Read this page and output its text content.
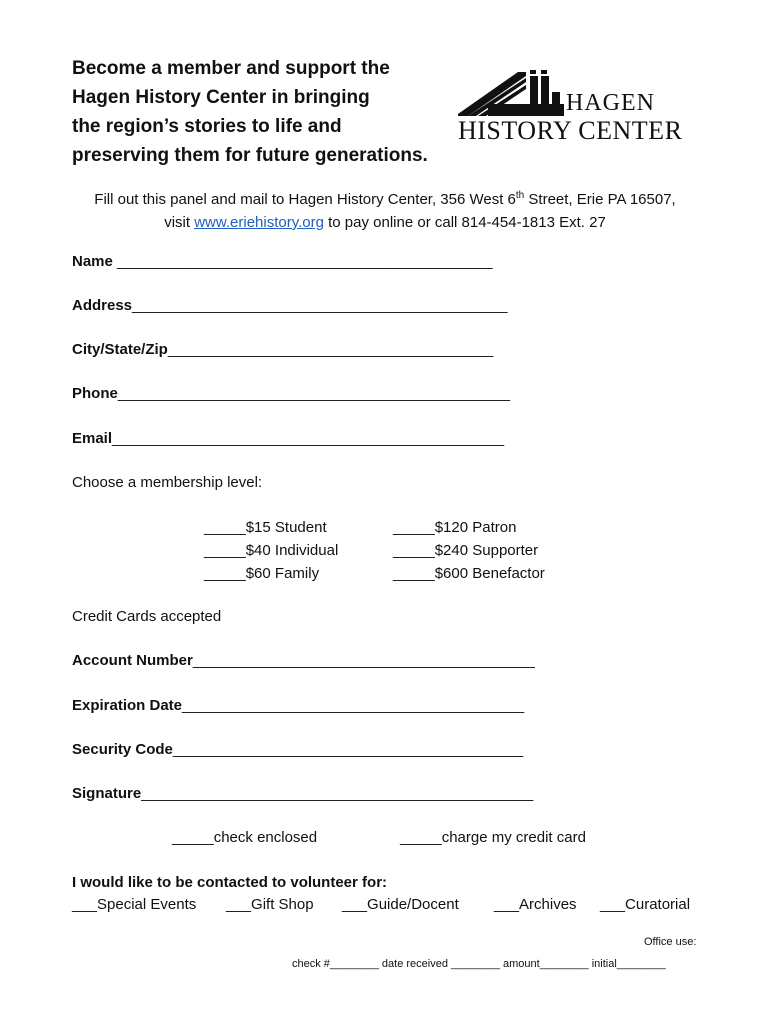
Become a member and support the
Hagen History Center in bringing
the region’s stories to life and
preserving them for future generations.
HAGEN
HISTORY CENTER
Fill out this panel and mail to Hagen History Center, 356 West 6th Street, Erie PA 16507,
visit www.eriehistory.org to pay online or call 814-454-1813 Ext. 27
Name _____________________________________________
Address_____________________________________________
City/State/Zip_______________________________________
Phone_______________________________________________
Email_______________________________________________
Choose a membership level:
_____$15 Student
_____$40 Individual
_____$60 Family
_____$120 Patron
_____$240 Supporter
_____$600 Benefactor
Credit Cards accepted
Account Number_________________________________________
Expiration Date_________________________________________
Security Code__________________________________________
Signature_______________________________________________
_____check enclosed	_____charge my credit card
I would like to be contacted to volunteer for:
___Special Events ___Gift Shop ___Guide/Docent ___Archives ___Curatorial
Office use:
check #________ date received ________ amount________ initial________
